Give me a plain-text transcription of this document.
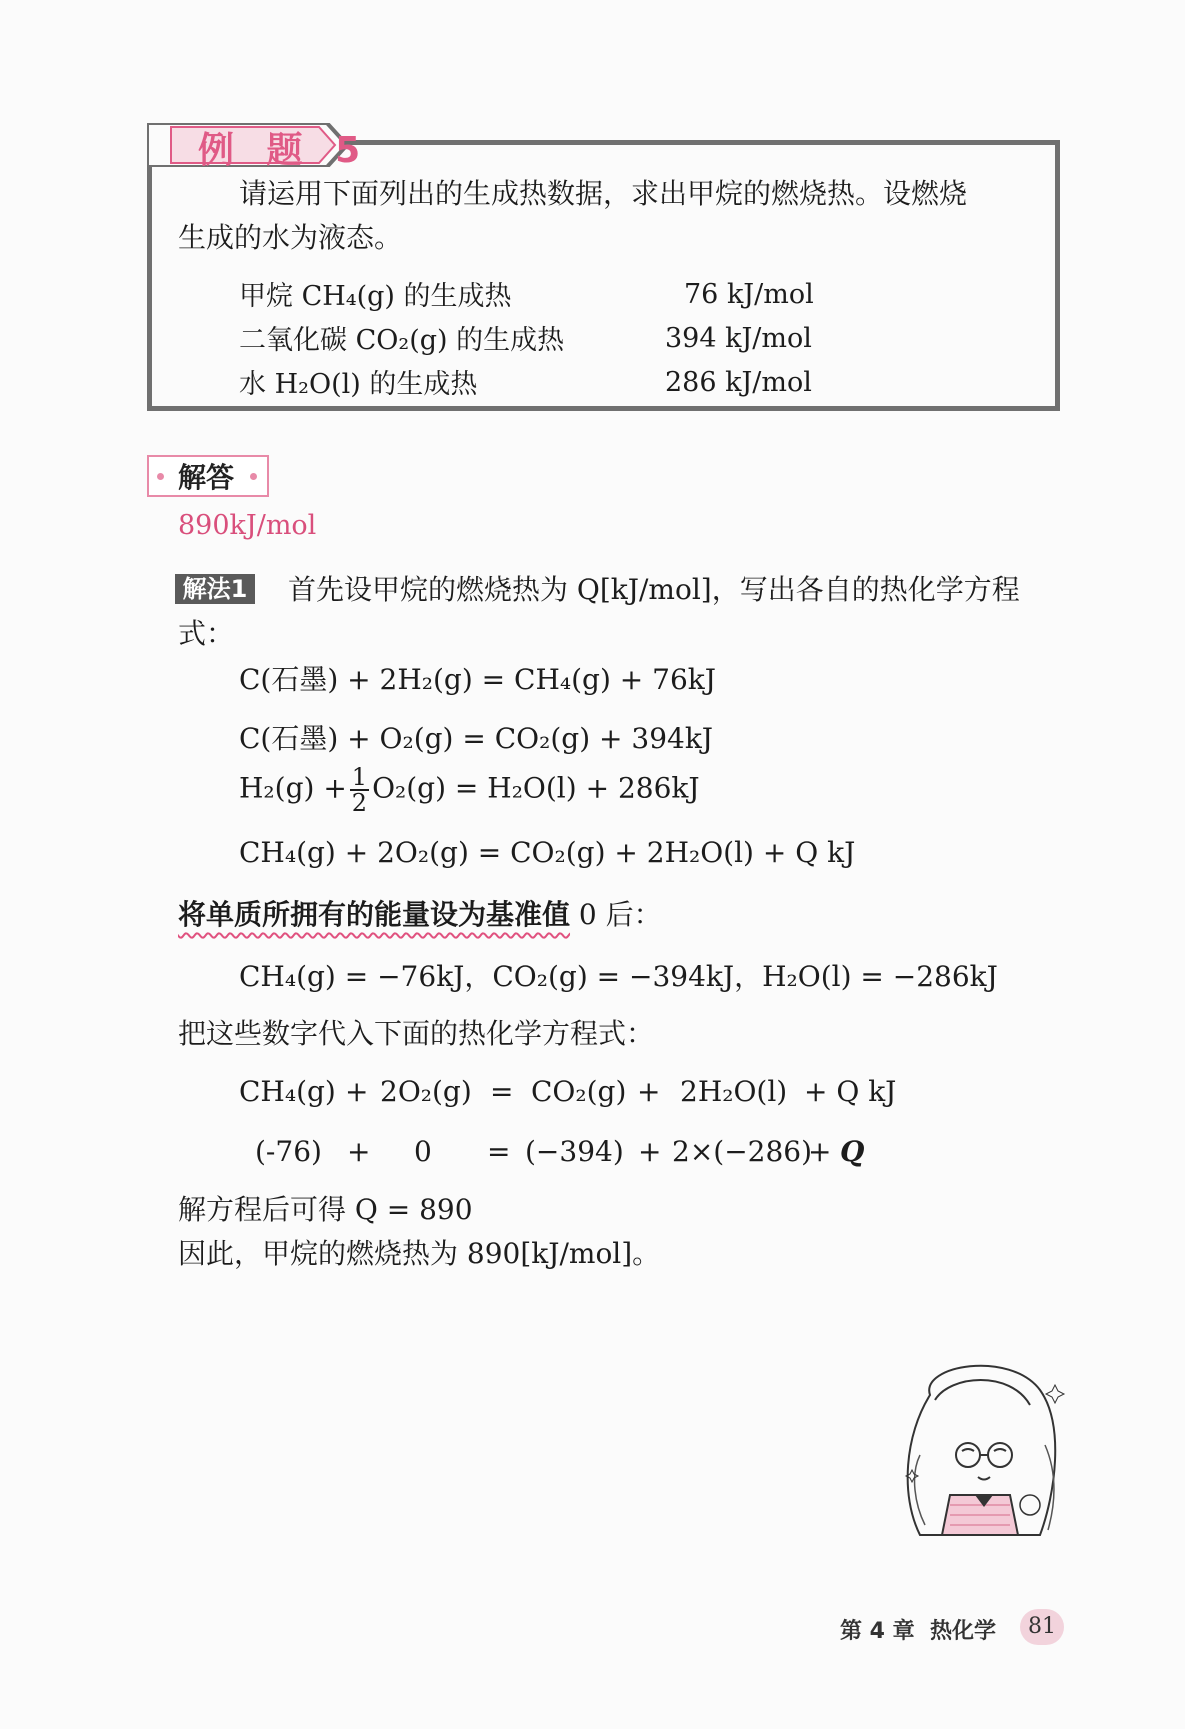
例 题 5
请运用下面列出的生成热数据，求出甲烷的燃烧热。设燃烧
生成的水为液态。
甲烷 CH₄(g) 的生成热	76 kJ/mol
二氧化碳 CO₂(g) 的生成热	394 kJ/mol
水 H₂O(l) 的生成热	286 kJ/mol
解答
890kJ/mol
解法1 首先设甲烷的燃烧热为 Q[kJ/mol]，写出各自的热化学方程
式：
C(石墨) + 2H₂(g) = CH₄(g) + 76kJ
C(石墨) + O₂(g) = CO₂(g) + 394kJ
$H_2(g) + \frac{1}{2} O_2(g) = H_2O(l) + 286kJ$
CH₄(g) + 2O₂(g) = CO₂(g) + 2H₂O(l) + Q kJ
将单质所拥有的能量设为基准值 0 后：
CH₄(g) = −76kJ，CO₂(g) = −394kJ，H₂O(l) = −286kJ
把这些数字代入下面的热化学方程式：
CH₄(g) + 2O₂(g) = CO₂(g) + 2H₂O(l) + Q kJ
(-76) + 0 = (−394) + 2×(−286)
+ Q
解方程后可得 Q = 890
因此，甲烷的燃烧热为 890[kJ/mol]。
第 4 章 热化学	81
